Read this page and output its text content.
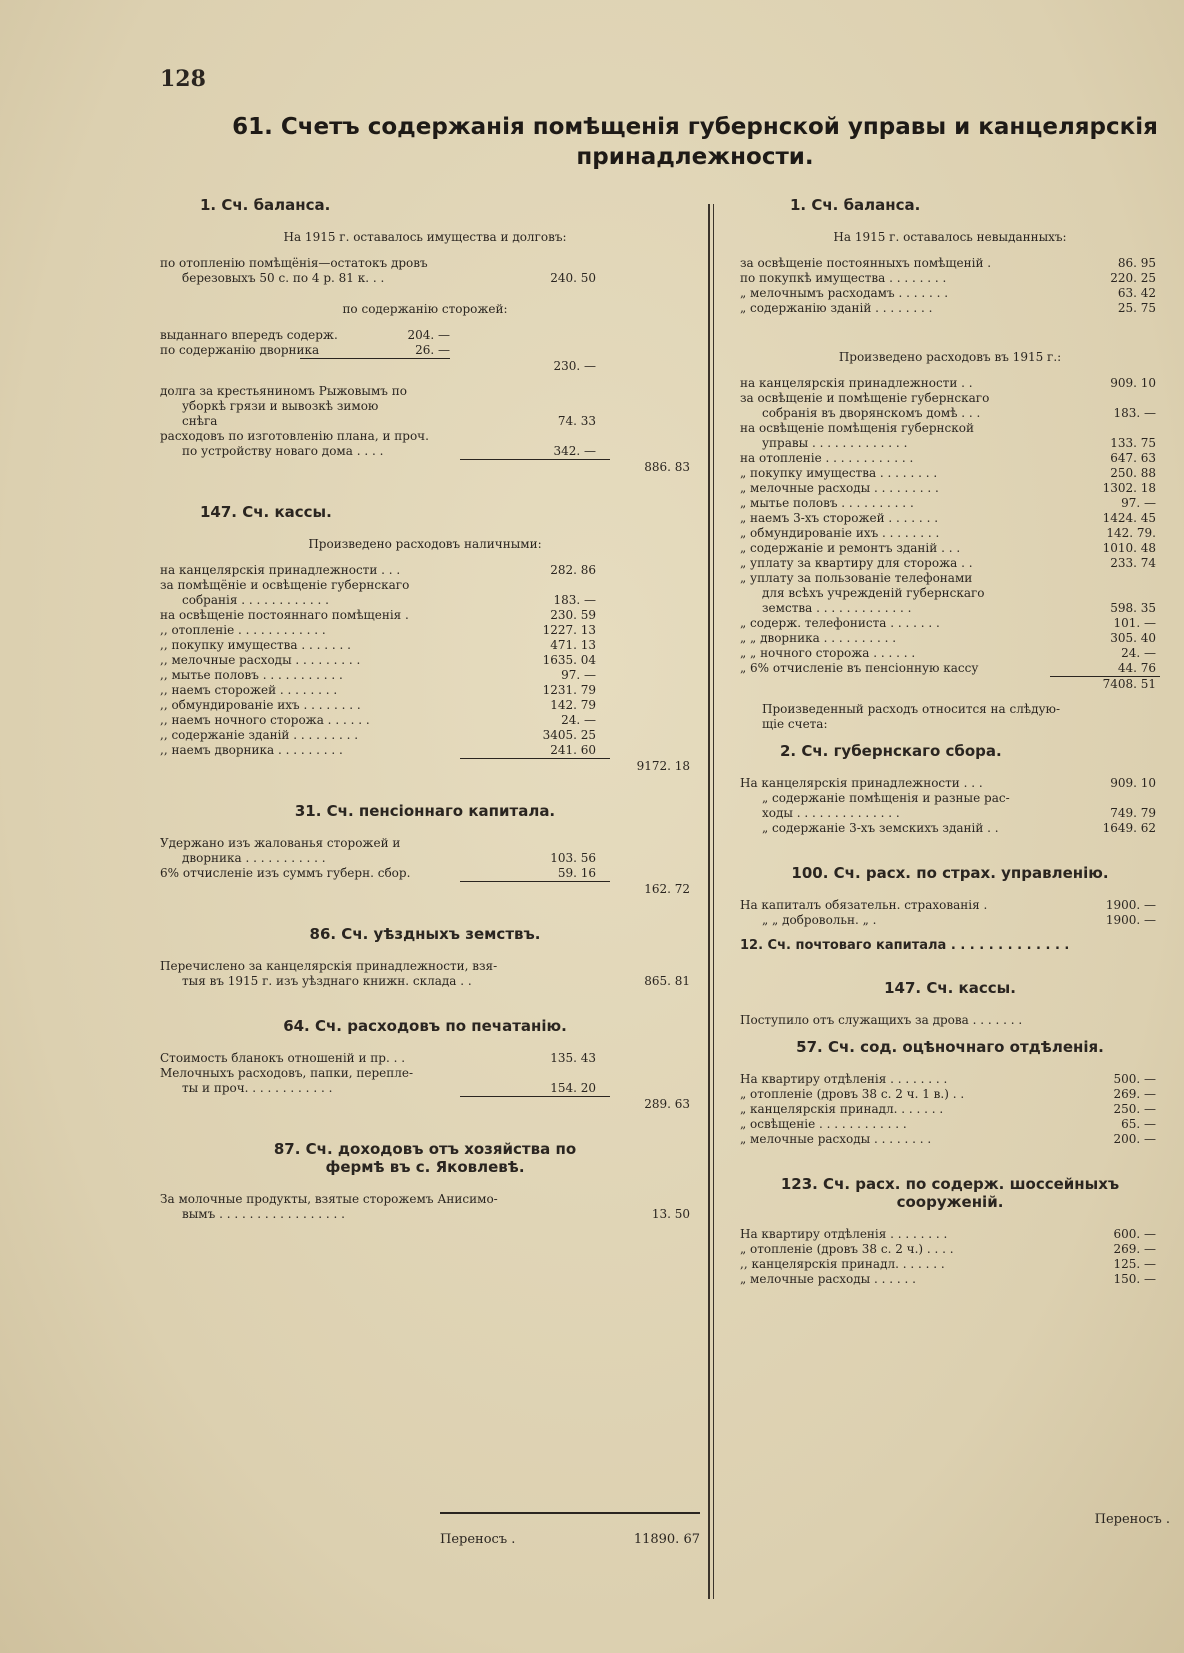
128
61. Счетъ содержанія помѣщенія губернской управы и канцелярскія принадлежности.
1. Сч. баланса.
На 1915 г. оставалось имущества и долговъ:
по отопленію помѣщёнія—остатокъ дровъ
березовыхъ 50 с. по 4 р. 81 к. . .	240. 50
по содержанію сторожей:
выданнаго впередъ содерж.	204. —
по содержанію дворника	26. —
230. —
долга за крестьяниномъ Рыжовымъ по
уборкѣ грязи и вывозкѣ зимою
снѣга	74. 33
расходовъ по изготовленію плана, и проч.
по устройству новаго дома . . . .	342. —
886. 83
147. Сч. кассы.
Произведено расходовъ наличными:
на канцелярскія принадлежности . . .	282. 86
за помѣщёніе и освѣщеніе губернскаго
собранія . . . . . . . . . . . .	183. —
на освѣщеніе постояннаго помѣщенія .	230. 59
,, отопленіе . . . . . . . . . . . .	1227. 13
,, покупку имущества . . . . . . .	471. 13
,, мелочные расходы . . . . . . . . .	1635. 04
,, мытье половъ . . . . . . . . . . .	97. —
,, наемъ сторожей . . . . . . . .	1231. 79
,, обмундированіе ихъ . . . . . . . .	142. 79
,, наемъ ночного сторожа . . . . . .	24. —
,, содержаніе зданій . . . . . . . . .	3405. 25
,, наемъ дворника . . . . . . . . .	241. 60
9172. 18
31. Сч. пенсіоннаго капитала.
Удержано изъ жалованья сторожей и
дворника . . . . . . . . . . .	103. 56
6% отчисленіе изъ суммъ губерн. сбор.	59. 16
162. 72
86. Сч. уѣздныхъ земствъ.
Перечислено за канцелярскія принадлежности, взя-
тыя въ 1915 г. изъ уѣзднаго книжн. склада . .	865. 81
64. Сч. расходовъ по печатанію.
Стоимость бланокъ отношеній и пр. . .	135. 43
Мелочныхъ расходовъ, папки, перепле-
ты и проч. . . . . . . . . . . .	154. 20
289. 63
87. Сч. доходовъ отъ хозяйства по
фермѣ въ с. Яковлевѣ.
За молочные продукты, взятые сторожемъ Анисимо-
вымъ . . . . . . . . . . . . . . . . .	13. 50
Переносъ .	11890. 67
1. Сч. баланса.
На 1915 г. оставалось невыданныхъ:
за освѣщеніе постоянныхъ помѣщеній .	86. 95
по покупкѣ имущества . . . . . . . .	220. 25
„ мелочнымъ расходамъ . . . . . . .	63. 42
„ содержанію зданій . . . . . . . .	25. 75
Произведено расходовъ въ 1915 г.:
на канцелярскія принадлежности . .	909. 10
за освѣщеніе и помѣщеніе губернскаго
собранія въ дворянскомъ домѣ . . .	183. —
на освѣщеніе помѣщенія губернской
управы . . . . . . . . . . . . .	133. 75
на отопленіе . . . . . . . . . . . .	647. 63
„ покупку имущества . . . . . . . .	250. 88
„ мелочные расходы . . . . . . . . .	1302. 18
„ мытье половъ . . . . . . . . . .	97. —
„ наемъ 3-хъ сторожей . . . . . . .	1424. 45
„ обмундированіе ихъ . . . . . . . .	142. 79.
„ содержаніе и ремонтъ зданій . . .	1010. 48
„ уплату за квартиру для сторожа . .	233. 74
„ уплату за пользованіе телефонами
для всѣхъ учрежденій губернскаго
земства . . . . . . . . . . . . .	598. 35
„ содерж. телефониста . . . . . . .	101. —
„ „ дворника . . . . . . . . . .	305. 40
„ „ ночного сторожа . . . . . .	24. —
„ 6% отчисленіе въ пенсіонную кассу	44. 76
7408. 51
Произведенный расходъ относится на слѣдую-
щіе счета:
2. Сч. губернскаго сбора.
На канцелярскія принадлежности . . .	909. 10
„ содержаніе помѣщенія и разные рас-
ходы . . . . . . . . . . . . . .	749. 79
„ содержаніе 3-хъ земскихъ зданій . .	1649. 62
100. Сч. расх. по страх. управленію.
На капиталъ обязательн. страхованія .	1900. —
„ „ добровольн. „ .	1900. —
12. Сч. почтоваго капитала . . . . . . . . . . . . .
147. Сч. кассы.
Поступило отъ служащихъ за дрова . . . . . . .
57. Сч. сод. оцѣночнаго отдѣленія.
На квартиру отдѣленія . . . . . . . .	500. —
„ отопленіе (дровъ 38 с. 2 ч. 1 в.) . .	269. —
„ канцелярскія принадл. . . . . . .	250. —
„ освѣщеніе . . . . . . . . . . . .	65. —
„ мелочные расходы . . . . . . . .	200. —
123. Сч. расх. по содерж. шоссейныхъ
сооруженій.
На квартиру отдѣленія . . . . . . . .	600. —
„ отопленіе (дровъ 38 с. 2 ч.) . . . .	269. —
,, канцелярскія принадл. . . . . . .	125. —
„ мелочные расходы . . . . . .	150. —
Переносъ .
